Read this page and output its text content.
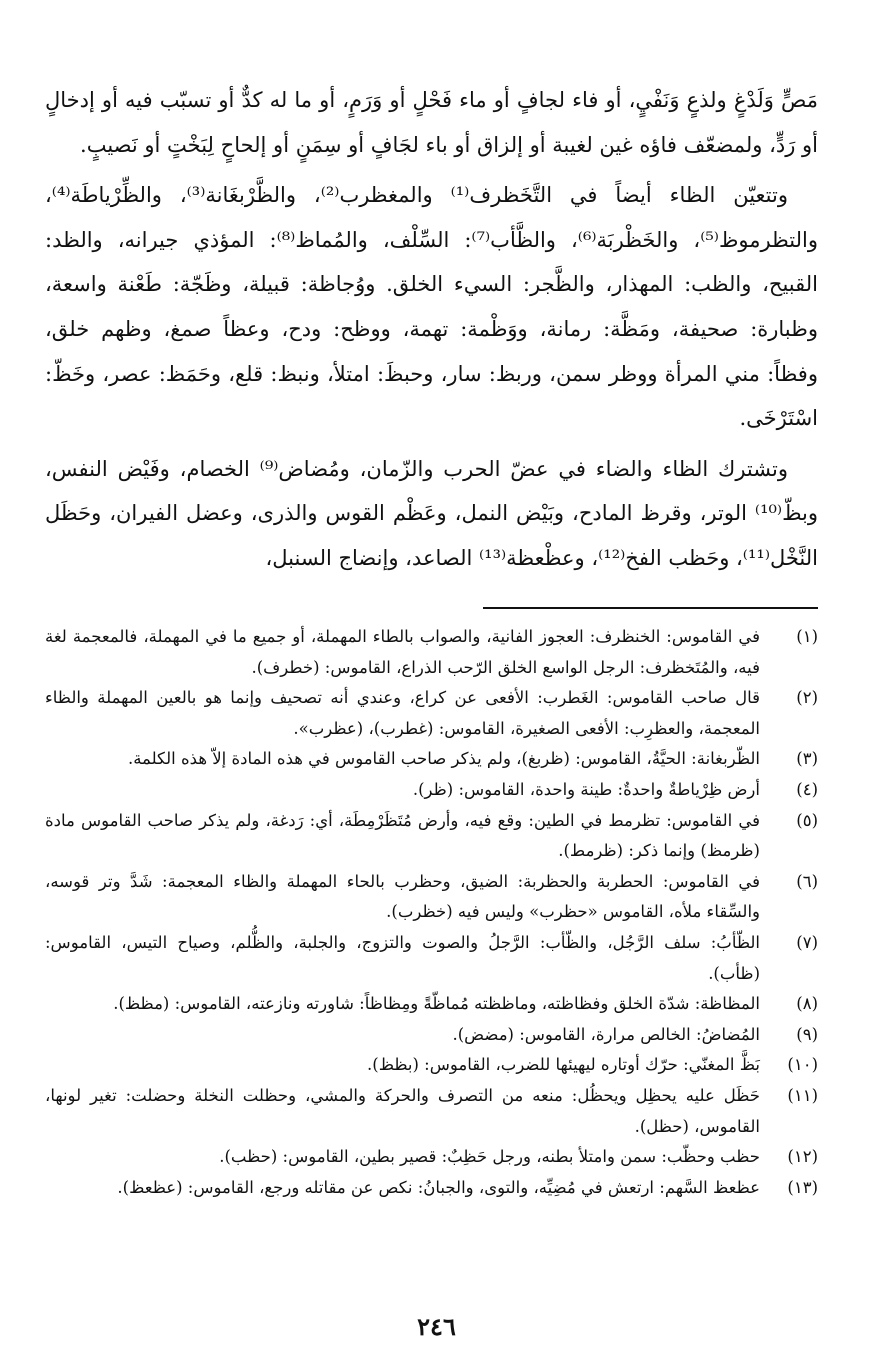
مَصٍّ وَلَدْغٍ ولذعٍ وَنَفْيٍ، أو فاء لجافٍ أو ماء فَحْلٍ أو وَرَمٍ، أو ما له كدٌّ أو تسبّب فيه أو إدخالٍ أو رَدٍّ، ولمضعّف فاؤه غين لغيبة أو إلزاق أو باء لجَافٍ أو سِمَنٍ أو إلحاحٍ لِبَخْتٍ أو نَصيبٍ.

وتتعيّن الظاء أيضاً في التَّخَظرف⁽¹⁾ والمغظرب⁽²⁾، والظَّرْبغَانة⁽³⁾، والظِّرْياطَة⁽⁴⁾، والتظرموظ⁽⁵⁾، والخَظْربَة⁽⁶⁾، والظَّأب⁽⁷⁾: السِّلْف، والمُماظ⁽⁸⁾: المؤذي جيرانه، والظد: القبيح، والظب: المهذار، والظَّجر: السيء الخلق. ووُجاظة: قبيلة، وظَجّة: طَعْنة واسعة، وظبارة: صحيفة، ومَظَّة: رمانة، ووَظْمة: تهمة، ووظح: ودح، وعظاً صمغ، وظهم خلق، وفظاً: مني المرأة ووظر سمن، وربظ: سار، وحبظَ: امتلأ، ونبظ: قلع، وحَمَظ: عصر، وخَظّ: اسْتَرْخَى.

وتشترك الظاء والضاء في عضّ الحرب والزّمان، ومُضاض⁽⁹⁾ الخصام، وفَيْض النفس، وبظّ⁽¹⁰⁾ الوتر، وقرظ المادح، وبَيْض النمل، وعَظْم القوس والذرى، وعضل الفيران، وحَظَل النَّخْل⁽¹¹⁾، وحَظب الفخ⁽¹²⁾، وعظْعظة⁽¹³⁾ الصاعد، وإنضاج السنبل،

(١)
في القاموس: الخنظرف: العجوز الفانية، والصواب بالطاء المهملة، أو جميع ما في المهملة، فالمعجمة لغة فيه، والمُتَخظرف: الرجل الواسع الخلق الرّحب الذراع، القاموس: (خطرف).

(٢)
قال صاحب القاموس: الغَطرب: الأفعى عن كراع، وعندي أنه تصحيف وإنما هو بالعين المهملة والظاء المعجمة، والعظرِب: الأفعى الصغيرة، القاموس: (غطرب)، (عظرب».

(٣)
الظّربغانة: الحيَّةُ، القاموس: (ظربغ)، ولم يذكر صاحب القاموس في هذه المادة إلاّ هذه الكلمة.

(٤)
أرض ظِرْياطةٌ واحدةٌ: طينة واحدة، القاموس: (ظر).

(٥)
في القاموس: تظرمط في الطين: وقع فيه، وأرض مُتَظَرْمِطَة، أي: رَدغة، ولم يذكر صاحب القاموس مادة (ظرمظ) وإنما ذكر: (ظرمط).

(٦)
في القاموس: الحطربة والحظربة: الضيق، وحظرب بالحاء المهملة والظاء المعجمة: شَدَّ وتر قوسه، والسِّقاء ملأه، القاموس «حظرب» وليس فيه (خظرب).

(٧)
الظّأبُ: سلف الرَّجُل، والظّأب: الرَّجلُ والصوت والتزوج، والجلبة، والظُّلم، وصياح التيس، القاموس: (ظأب).

(٨)
المظاظة: شدّة الخلق وفظاظته، وماظظته مُماظّةً ومِظاظاً: شاورته ونازعته، القاموس: (مظظ).

(٩)
المُضاضُ: الخالص مرارة، القاموس: (مضض).

(١٠)
بَظَّ المغنّي: حرّك أوتاره ليهيئها للضرب، القاموس: (بظظ).

(١١)
حَظَل عليه يحظِل ويحظُل: منعه من التصرف والحركة والمشي، وحظلت النخلة وحضلت: تغير لونها، القاموس، (حظل).

(١٢)
حظب وحظّب: سمن وامتلأ بطنه، ورجل حَظِبٌ: قصير بطين، القاموس: (حظب).

(١٣)
عظعظ السَّهم: ارتعش في مُضِيِّه، والتوى، والجبانُ: نكص عن مقاتله ورجع، القاموس: (عظعظ).

٢٤٦
